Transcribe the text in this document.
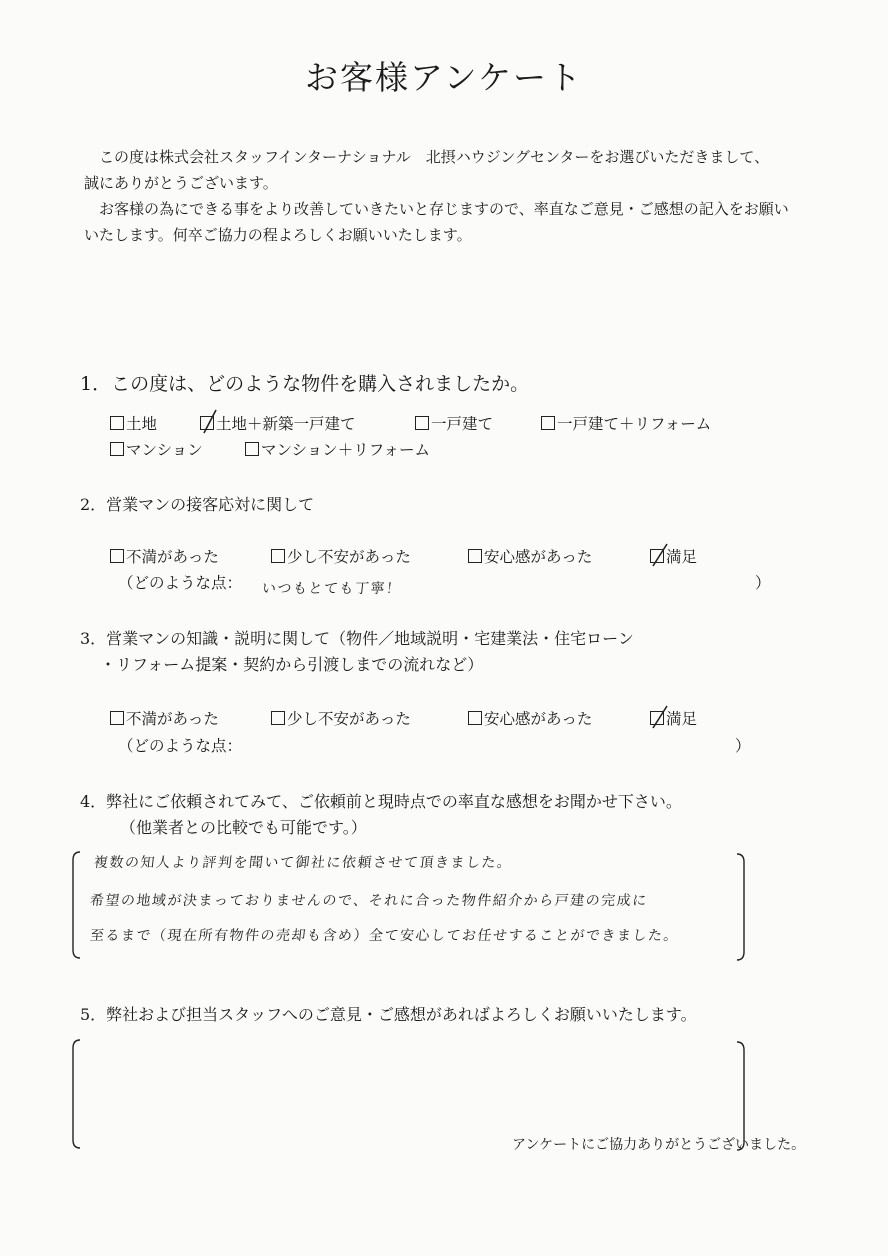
お客様アンケート

この度は株式会社スタッフインターナショナル　北摂ハウジングセンターをお選びいただきまして、

誠にありがとうございます。

お客様の為にできる事をより改善していきたいと存じますので、率直なご意見・ご感想の記入をお願い

いたします。何卒ご協力の程よろしくお願いいたします。

1．この度は、どのような物件を購入されましたか。
土地	土地＋新築一戸建て	一戸建て	一戸建て＋リフォーム
マンション	マンション＋リフォーム
2．営業マンの接客応対に関して
不満があった	少し不安があった	安心感があった	満足
（どのような点： いつもとても丁寧！	）
3．営業マンの知識・説明に関して（物件／地域説明・宅建業法・住宅ローン
・リフォーム提案・契約から引渡しまでの流れなど）
不満があった	少し不安があった	安心感があった	満足
（どのような点：	）
4．弊社にご依頼されてみて、ご依頼前と現時点での率直な感想をお聞かせ下さい。
（他業者との比較でも可能です。）
複数の知人より評判を聞いて御社に依頼させて頂きました。
希望の地域が決まっておりませんので、それに合った物件紹介から戸建の完成に
至るまで（現在所有物件の売却も含め）全て安心してお任せすることができました。
5．弊社および担当スタッフへのご意見・ご感想があればよろしくお願いいたします。
アンケートにご協力ありがとうございました。
